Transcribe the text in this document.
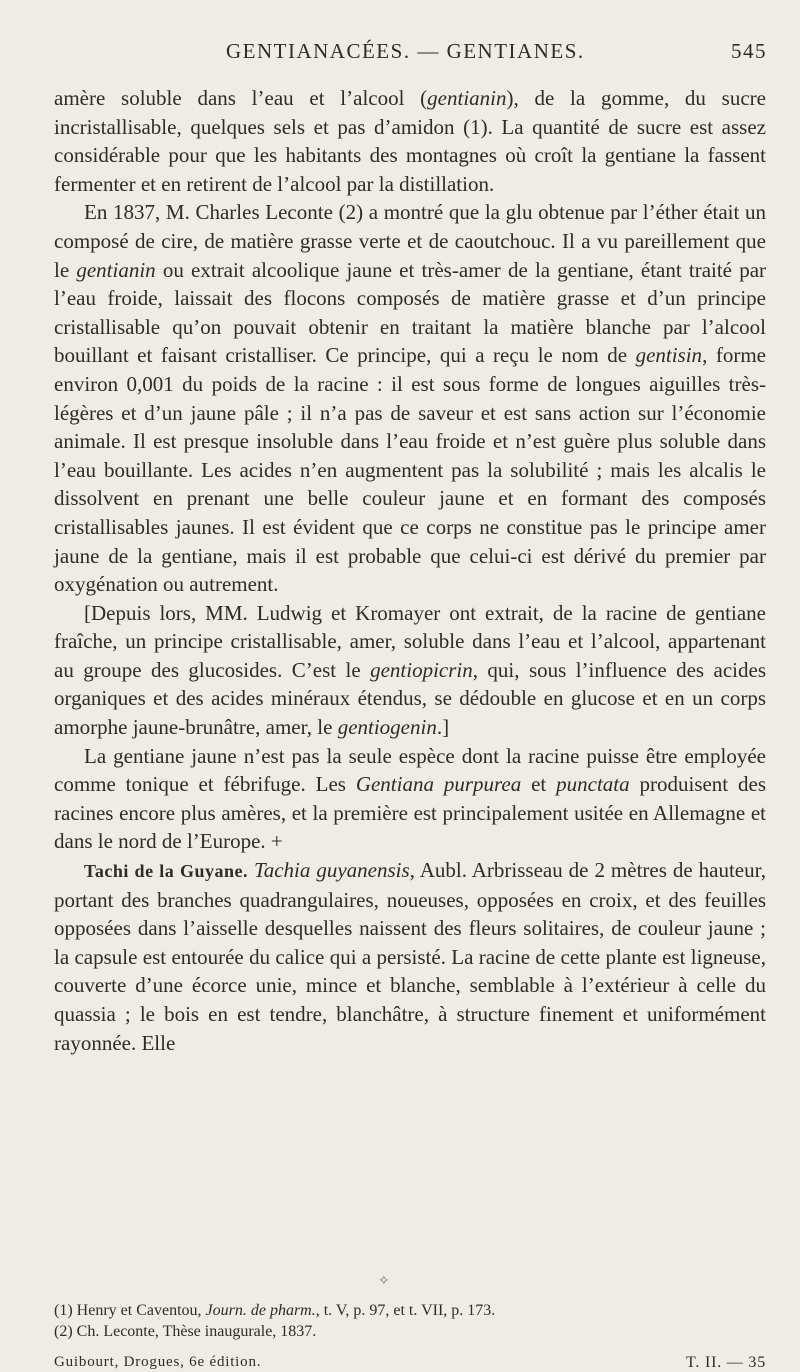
GENTIANACÉES. — GENTIANES.	545

amère soluble dans l’eau et l’alcool (gentianin), de la gomme, du sucre incristallisable, quelques sels et pas d’amidon (1). La quantité de sucre est assez considérable pour que les habitants des montagnes où croît la gentiane la fassent fermenter et en retirent de l’alcool par la distillation.

En 1837, M. Charles Leconte (2) a montré que la glu obtenue par l’éther était un composé de cire, de matière grasse verte et de caoutchouc. Il a vu pareillement que le gentianin ou extrait alcoolique jaune et très-amer de la gentiane, étant traité par l’eau froide, laissait des flocons composés de matière grasse et d’un principe cristallisable qu’on pouvait obtenir en traitant la matière blanche par l’alcool bouillant et faisant cristalliser. Ce principe, qui a reçu le nom de gentisin, forme environ 0,001 du poids de la racine : il est sous forme de longues aiguilles très-légères et d’un jaune pâle ; il n’a pas de saveur et est sans action sur l’économie animale. Il est presque insoluble dans l’eau froide et n’est guère plus soluble dans l’eau bouillante. Les acides n’en augmentent pas la solubilité ; mais les alcalis le dissolvent en prenant une belle couleur jaune et en formant des composés cristallisables jaunes. Il est évident que ce corps ne constitue pas le principe amer jaune de la gentiane, mais il est probable que celui-ci est dérivé du premier par oxygénation ou autrement.

[Depuis lors, MM. Ludwig et Kromayer ont extrait, de la racine de gentiane fraîche, un principe cristallisable, amer, soluble dans l’eau et l’alcool, appartenant au groupe des glucosides. C’est le gentiopicrin, qui, sous l’influence des acides organiques et des acides minéraux étendus, se dédouble en glucose et en un corps amorphe jaune-brunâtre, amer, le gentiogenin.]

La gentiane jaune n’est pas la seule espèce dont la racine puisse être employée comme tonique et fébrifuge. Les Gentiana purpurea et punctata produisent des racines encore plus amères, et la première est principalement usitée en Allemagne et dans le nord de l’Europe. +

Tachi de la Guyane. Tachia guyanensis, Aubl. Arbrisseau de 2 mètres de hauteur, portant des branches quadrangulaires, noueuses, opposées en croix, et des feuilles opposées dans l’aisselle desquelles naissent des fleurs solitaires, de couleur jaune ; la capsule est entourée du calice qui a persisté. La racine de cette plante est ligneuse, couverte d’une écorce unie, mince et blanche, semblable à l’extérieur à celle du quassia ; le bois en est tendre, blanchâtre, à structure finement et uniformément rayonnée. Elle

✧

(1) Henry et Caventou, Journ. de pharm., t. V, p. 97, et t. VII, p. 173.

(2) Ch. Leconte, Thèse inaugurale, 1837.

Guibourt, Drogues, 6e édition.	T. II. — 35
